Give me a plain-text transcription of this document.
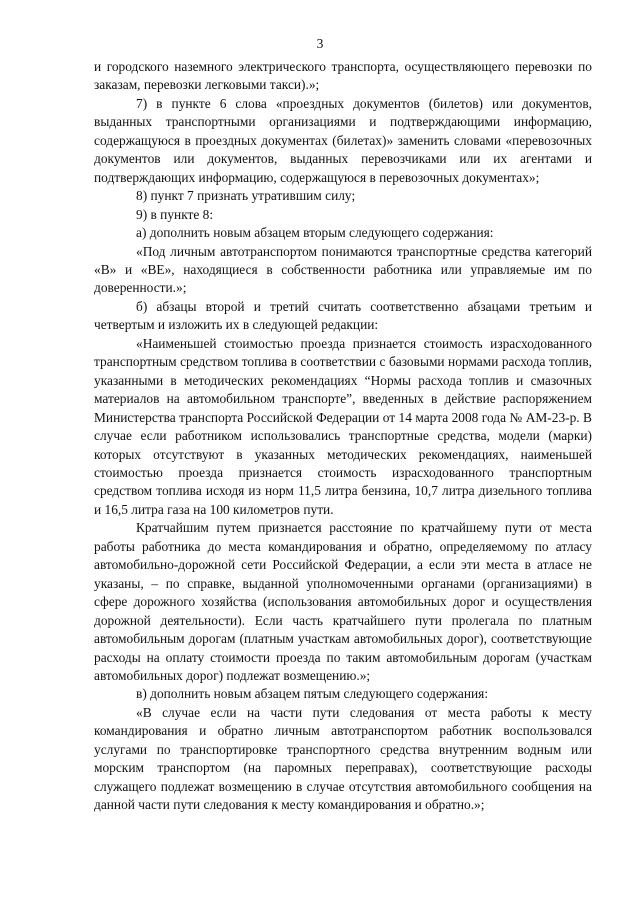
3

и городского наземного электрического транспорта, осуществляющего перевозки по заказам, перевозки легковыми такси).»;

7) в пункте 6 слова «проездных документов (билетов) или документов, выданных транспортными организациями и подтверждающими информацию, содержащуюся в проездных документах (билетах)» заменить словами «перевозочных документов или документов, выданных перевозчиками или их агентами и подтверждающих информацию, содержащуюся в перевозочных документах»;

8) пункт 7 признать утратившим силу;

9) в пункте 8:

а) дополнить новым абзацем вторым следующего содержания:

«Под личным автотранспортом понимаются транспортные средства категорий «B» и «BE», находящиеся в собственности работника или управляемые им по доверенности.»;

б) абзацы второй и третий считать соответственно абзацами третьим и четвертым и изложить их в следующей редакции:

«Наименьшей стоимостью проезда признается стоимость израсходованного транспортным средством топлива в соответствии с базовыми нормами расхода топлив, указанными в методических рекомендациях “Нормы расхода топлив и смазочных материалов на автомобильном транспорте”, введенных в действие распоряжением Министерства транспорта Российской Федерации от 14 марта 2008 года № АМ-23-р. В случае если работником использовались транспортные средства, модели (марки) которых отсутствуют в указанных методических рекомендациях, наименьшей стоимостью проезда признается стоимость израсходованного транспортным средством топлива исходя из норм 11,5 литра бензина, 10,7 литра дизельного топлива и 16,5 литра газа на 100 километров пути.

Кратчайшим путем признается расстояние по кратчайшему пути от места работы работника до места командирования и обратно, определяемому по атласу автомобильно-дорожной сети Российской Федерации, а если эти места в атласе не указаны, – по справке, выданной уполномоченными органами (организациями) в сфере дорожного хозяйства (использования автомобильных дорог и осуществления дорожной деятельности). Если часть кратчайшего пути пролегала по платным автомобильным дорогам (платным участкам автомобильных дорог), соответствующие расходы на оплату стоимости проезда по таким автомобильным дорогам (участкам автомобильных дорог) подлежат возмещению.»;

в) дополнить новым абзацем пятым следующего содержания:

«В случае если на части пути следования от места работы к месту командирования и обратно личным автотранспортом работник воспользовался услугами по транспортировке транспортного средства внутренним водным или морским транспортом (на паромных переправах), соответствующие расходы служащего подлежат возмещению в случае отсутствия автомобильного сообщения на данной части пути следования к месту командирования и обратно.»;
